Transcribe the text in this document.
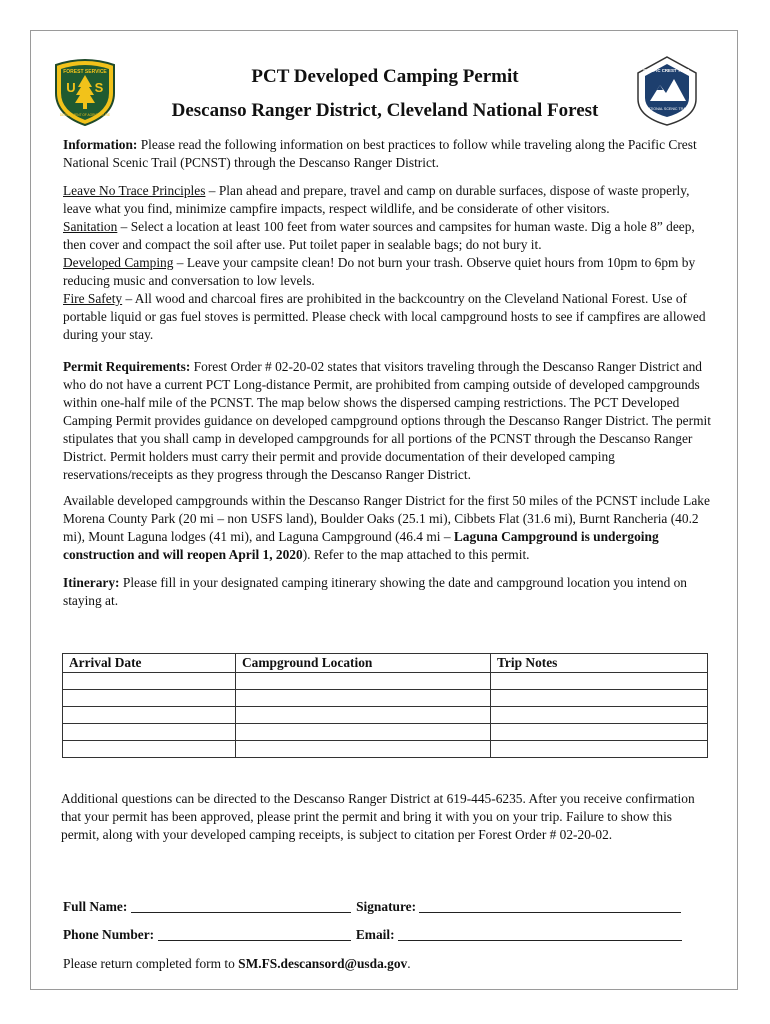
FOREST SERVICE
U S
DEPARTMENT OF AGRICULTURE
PACIFIC CREST TRAIL
NATIONAL SCENIC TRAIL
PCT Developed Camping Permit
Descanso Ranger District, Cleveland National Forest
Information: Please read the following information on best practices to follow while traveling along the Pacific Crest National Scenic Trail (PCNST) through the Descanso Ranger District.
Leave No Trace Principles – Plan ahead and prepare, travel and camp on durable surfaces, dispose of waste properly, leave what you find, minimize campfire impacts, respect wildlife, and be considerate of other visitors.
Sanitation – Select a location at least 100 feet from water sources and campsites for human waste. Dig a hole 8” deep, then cover and compact the soil after use. Put toilet paper in sealable bags; do not bury it.
Developed Camping – Leave your campsite clean! Do not burn your trash. Observe quiet hours from 10pm to 6pm by reducing music and conversation to low levels.
Fire Safety – All wood and charcoal fires are prohibited in the backcountry on the Cleveland National Forest. Use of portable liquid or gas fuel stoves is permitted. Please check with local campground hosts to see if campfires are allowed during your stay.
Permit Requirements: Forest Order # 02-20-02 states that visitors traveling through the Descanso Ranger District and who do not have a current PCT Long-distance Permit, are prohibited from camping outside of developed campgrounds within one-half mile of the PCNST. The map below shows the dispersed camping restrictions. The PCT Developed Camping Permit provides guidance on developed campground options through the Descanso Ranger District. The permit stipulates that you shall camp in developed campgrounds for all portions of the PCNST through the Descanso Ranger District. Permit holders must carry their permit and provide documentation of their developed camping reservations/receipts as they progress through the Descanso Ranger District.
Available developed campgrounds within the Descanso Ranger District for the first 50 miles of the PCNST include Lake Morena County Park (20 mi – non USFS land), Boulder Oaks (25.1 mi), Cibbets Flat (31.6 mi), Burnt Rancheria (40.2 mi), Mount Laguna lodges (41 mi), and Laguna Campground (46.4 mi – Laguna Campground is undergoing construction and will reopen April 1, 2020). Refer to the map attached to this permit.
Itinerary: Please fill in your designated camping itinerary showing the date and campground location you intend on staying at.
Arrival Date	Campground Location	Trip Notes

Additional questions can be directed to the Descanso Ranger District at 619-445-6235. After you receive confirmation that your permit has been approved, please print the permit and bring it with you on your trip. Failure to show this permit, along with your developed camping receipts, is subject to citation per Forest Order # 02-20-02.
Full Name:	Signature:
Phone Number:	Email:
Please return completed form to SM.FS.descansord@usda.gov.
